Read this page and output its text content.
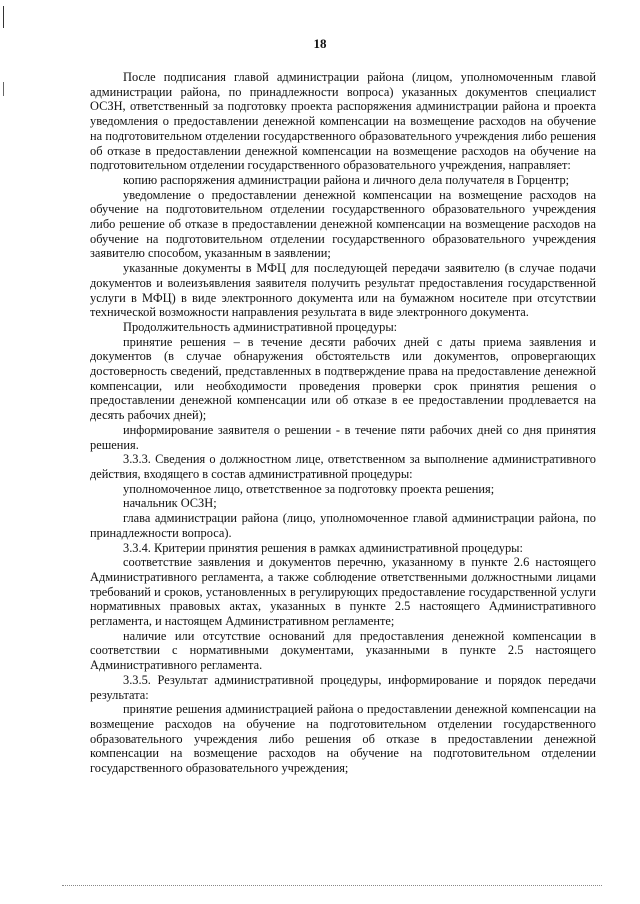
18

После подписания главой администрации района (лицом, уполномоченным главой администрации района, по принадлежности вопроса) указанных документов специалист ОСЗН, ответственный за подготовку проекта распоряжения администрации района и проекта уведомления о предоставлении денежной компенсации на возмещение расходов на обучение на подготовительном отделении государственного образовательного учреждения либо решения об отказе в предоставлении денежной компенсации на возмещение расходов на обучение на подготовительном отделении государственного образовательного учреждения, направляет:

копию распоряжения администрации района и личного дела получателя в Горцентр;

уведомление о предоставлении денежной компенсации на возмещение расходов на обучение на подготовительном отделении государственного образовательного учреждения либо решение об отказе в предоставлении денежной компенсации на возмещение расходов на обучение на подготовительном отделении государственного образовательного учреждения заявителю способом, указанным в заявлении;

указанные документы в МФЦ для последующей передачи заявителю (в случае подачи документов и волеизъявления заявителя получить результат предоставления государственной услуги в МФЦ) в виде электронного документа или на бумажном носителе при отсутствии технической возможности направления результата в виде электронного документа.

Продолжительность административной процедуры:

принятие решения – в течение десяти рабочих дней с даты приема заявления и документов (в случае обнаружения обстоятельств или документов, опровергающих достоверность сведений, представленных в подтверждение права на предоставление денежной компенсации, или необходимости проведения проверки срок принятия решения о предоставлении денежной компенсации или об отказе в ее предоставлении продлевается на десять рабочих дней);

информирование заявителя о решении - в течение пяти рабочих дней со дня принятия решения.

3.3.3. Сведения о должностном лице, ответственном за выполнение административного действия, входящего в состав административной процедуры:

уполномоченное лицо, ответственное за подготовку проекта решения;

начальник ОСЗН;

глава администрации района (лицо, уполномоченное главой администрации района, по принадлежности вопроса).

3.3.4. Критерии принятия решения в рамках административной процедуры:

соответствие заявления и документов перечню, указанному в пункте 2.6 настоящего Административного регламента, а также соблюдение ответственными должностными лицами требований и сроков, установленных в регулирующих предоставление государственной услуги нормативных правовых актах, указанных в пункте 2.5 настоящего Административного регламента, и настоящем Административном регламенте;

наличие или отсутствие оснований для предоставления денежной компенсации в соответствии с нормативными документами, указанными в пункте 2.5 настоящего Административного регламента.

3.3.5. Результат административной процедуры, информирование и порядок передачи результата:

принятие решения администрацией района о предоставлении денежной компенсации на возмещение расходов на обучение на подготовительном отделении государственного образовательного учреждения либо решения об отказе в предоставлении денежной компенсации на возмещение расходов на обучение на подготовительном отделении государственного образовательного учреждения;
